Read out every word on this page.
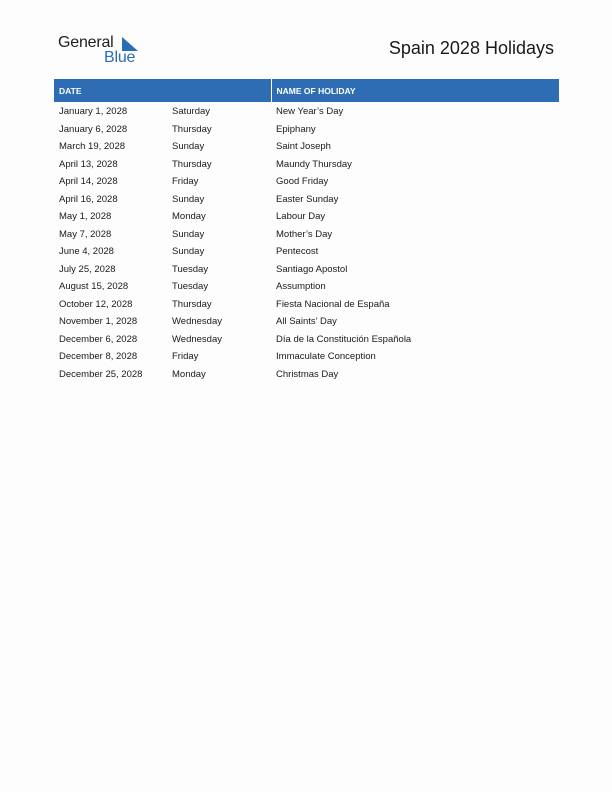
General
Blue	Spain 2028 Holidays
DATE		NAME OF HOLIDAY
January 1, 2028	Saturday	New Year’s Day
January 6, 2028	Thursday	Epiphany
March 19, 2028	Sunday	Saint Joseph
April 13, 2028	Thursday	Maundy Thursday
April 14, 2028	Friday	Good Friday
April 16, 2028	Sunday	Easter Sunday
May 1, 2028	Monday	Labour Day
May 7, 2028	Sunday	Mother’s Day
June 4, 2028	Sunday	Pentecost
July 25, 2028	Tuesday	Santiago Apostol
August 15, 2028	Tuesday	Assumption
October 12, 2028	Thursday	Fiesta Nacional de España
November 1, 2028	Wednesday	All Saints’ Day
December 6, 2028	Wednesday	Día de la Constitución Española
December 8, 2028	Friday	Immaculate Conception
December 25, 2028	Monday	Christmas Day
